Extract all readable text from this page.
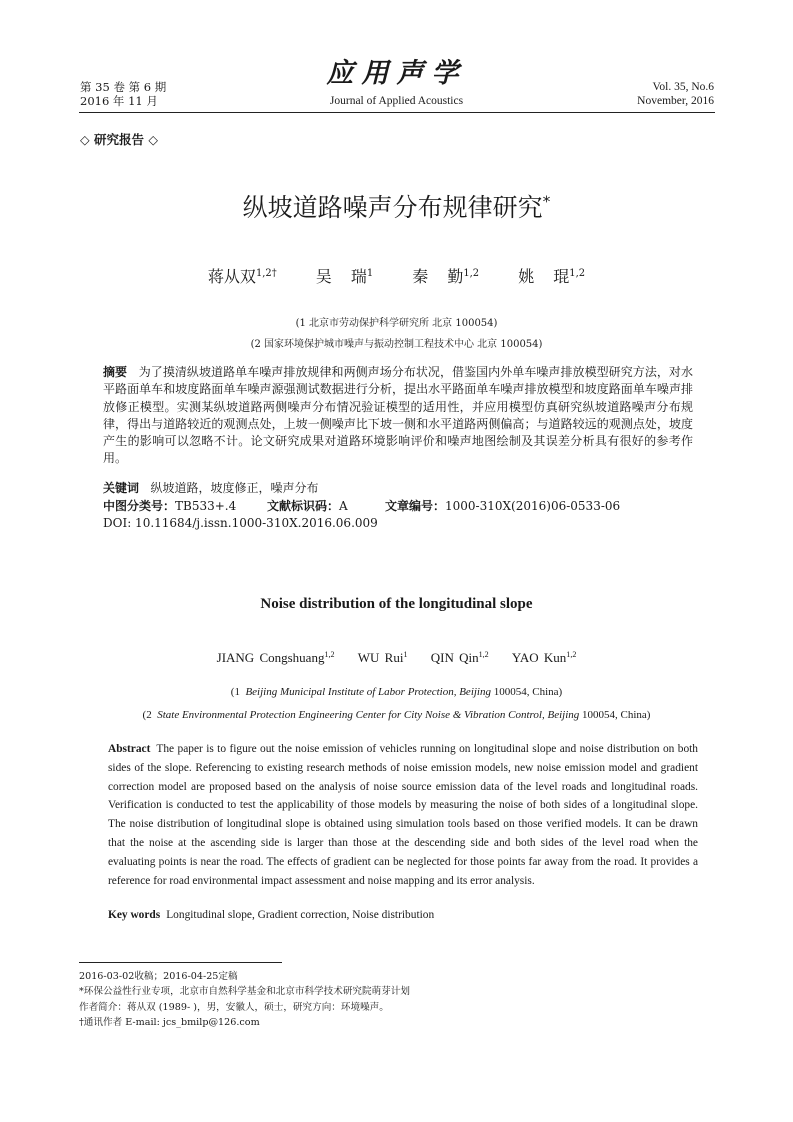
第 35 卷 第 6 期
2016 年 11 月
应用声学
Journal of Applied Acoustics
Vol. 35, No.6
November, 2016
◇ 研究报告 ◇
纵坡道路噪声分布规律研究*
蒋从双$^{1,2\dagger}$ 吴 瑞$^1$ 秦 勤$^{1,2}$ 姚 琨$^{1,2}$
(1 北京市劳动保护科学研究所 北京 100054)
(2 国家环境保护城市噪声与振动控制工程技术中心 北京 100054)
摘要 为了摸清纵坡道路单车噪声排放规律和两侧声场分布状况，借鉴国内外单车噪声排放模型研究方法，对水平路面单车和坡度路面单车噪声源强测试数据进行分析，提出水平路面单车噪声排放模型和坡度路面单车噪声排放修正模型。实测某纵坡道路两侧噪声分布情况验证模型的适用性，并应用模型仿真研究纵坡道路噪声分布规律，得出与道路较近的观测点处，上坡一侧噪声比下坡一侧和水平道路两侧偏高；与道路较远的观测点处，坡度产生的影响可以忽略不计。论文研究成果对道路环境影响评价和噪声地图绘制及其误差分析具有很好的参考作用。
关键词 纵坡道路，坡度修正，噪声分布
中图分类号：TB533+.4	文献标识码：A	文章编号：1000-310X(2016)06-0533-06
DOI: 10.11684/j.issn.1000-310X.2016.06.009
Noise distribution of the longitudinal slope
JIANG Congshuang$^{1,2}$ WU Rui$^1$ QIN Qin$^{1,2}$ YAO Kun$^{1,2}$
(1 Beijing Municipal Institute of Labor Protection, Beijing 100054, China)
(2 State Environmental Protection Engineering Center for City Noise & Vibration Control, Beijing 100054, China)
Abstract The paper is to figure out the noise emission of vehicles running on longitudinal slope and noise distribution on both sides of the slope. Referencing to existing research methods of noise emission models, new noise emission model and gradient correction model are proposed based on the analysis of noise source emission data of the level roads and longitudinal roads. Verification is conducted to test the applicability of those models by measuring the noise of both sides of a longitudinal slope. The noise distribution of longitudinal slope is obtained using simulation tools based on those verified models. It can be drawn that the noise at the ascending side is larger than those at the descending side and both sides of the level road when the evaluating points is near the road. The effects of gradient can be neglected for those points far away from the road. It provides a reference for road environmental impact assessment and noise mapping and its error analysis.
Key words Longitudinal slope, Gradient correction, Noise distribution
2016-03-02收稿；2016-04-25定稿
*环保公益性行业专项，北京市自然科学基金和北京市科学技术研究院萌芽计划
作者简介：蒋从双 (1989- )，男，安徽人，硕士，研究方向：环境噪声。
†通讯作者 E-mail: jcs_bmilp@126.com
